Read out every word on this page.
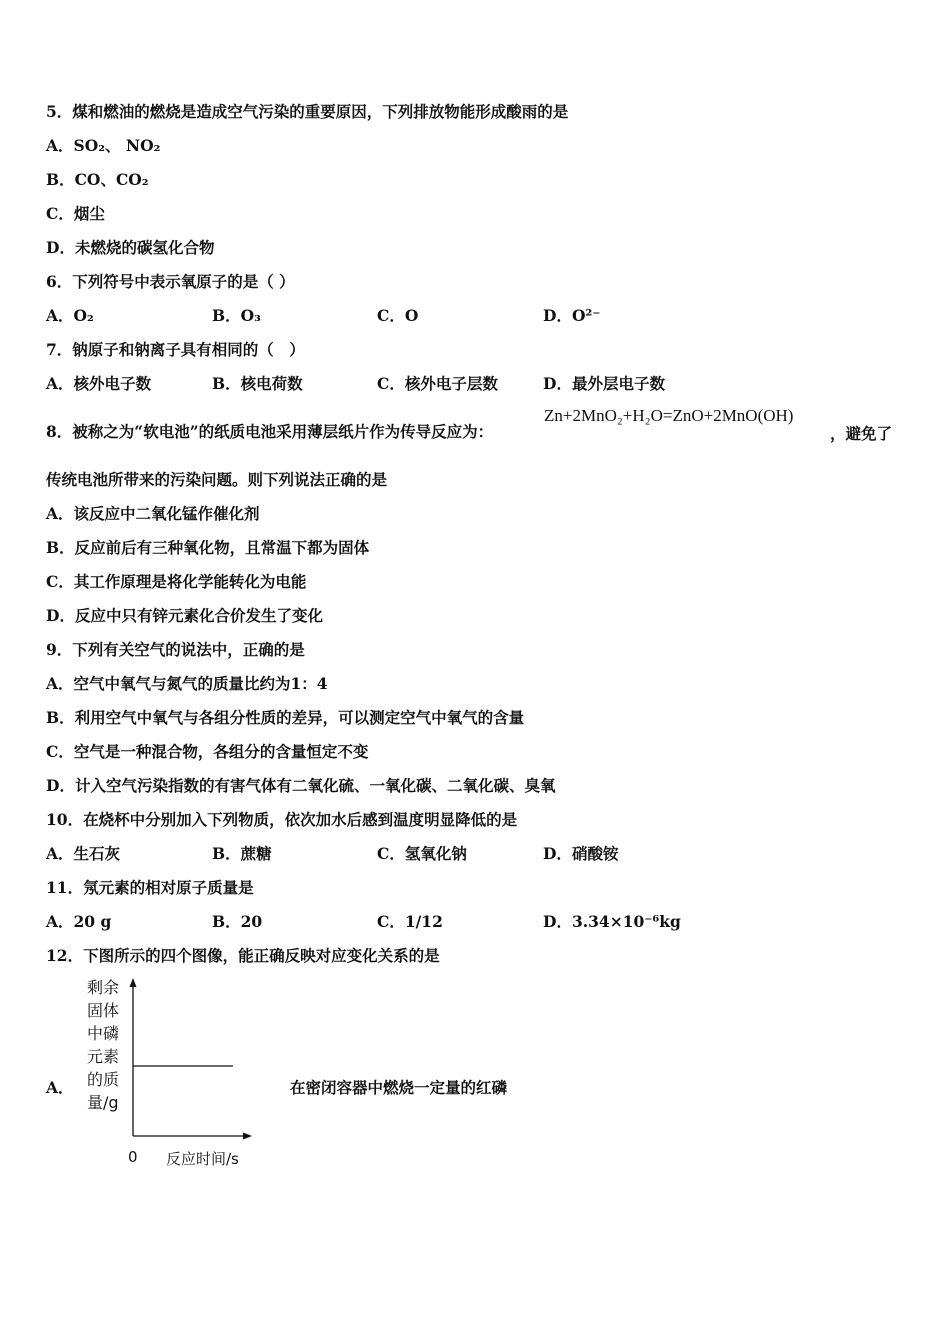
5．煤和燃油的燃烧是造成空气污染的重要原因，下列排放物能形成酸雨的是
A．SO₂、 NO₂
B．CO、CO₂
C．烟尘
D．未燃烧的碳氢化合物
6．下列符号中表示氧原子的是（ ）
A．O₂	B．O₃	C．O	D．O²⁻
7．钠原子和钠离子具有相同的（　）
A．核外电子数	B．核电荷数	C．核外电子层数	D．最外层电子数
8．被称之为“软电池”的纸质电池采用薄层纸片作为传导反应为：
Zn+2MnO₂+H₂O=ZnO+2MnO(OH)
，避免了
传统电池所带来的污染问题。则下列说法正确的是
A．该反应中二氧化锰作催化剂
B．反应前后有三种氧化物，且常温下都为固体
C．其工作原理是将化学能转化为电能
D．反应中只有锌元素化合价发生了变化
9．下列有关空气的说法中，正确的是
A．空气中氧气与氮气的质量比约为1：4
B．利用空气中氧气与各组分性质的差异，可以测定空气中氧气的含量
C．空气是一种混合物，各组分的含量恒定不变
D．计入空气污染指数的有害气体有二氧化硫、一氧化碳、二氧化碳、臭氧
10．在烧杯中分别加入下列物质，依次加水后感到温度明显降低的是
A．生石灰	B．蔗糖	C．氢氧化钠	D．硝酸铵
11．氖元素的相对原子质量是
A．20 g	B．20	C．1/12	D．3.34×10⁻⁶kg
12．下图所示的四个图像，能正确反映对应变化关系的是
A．	在密闭容器中燃烧一定量的红磷
剩余
固体
中磷
元素
的质
量/g
0 反应时间/s
